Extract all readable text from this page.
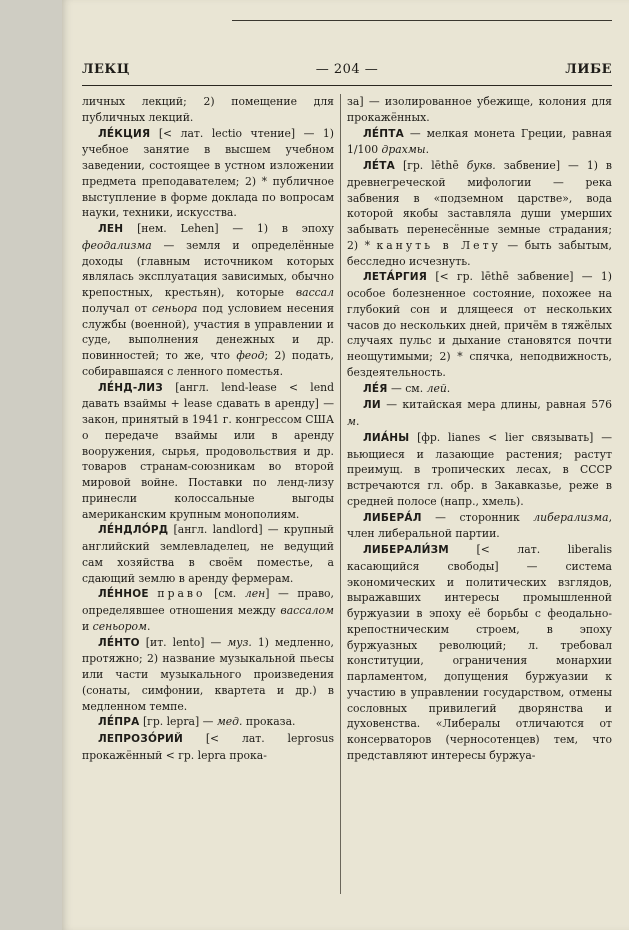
ЛЕКЦ	— 204 —	ЛИБЕ

личных лекций; 2) помещение для публичных лекций.

ЛЕ́КЦИЯ [< лат. lectio чтение] — 1) учебное занятие в высшем учебном заведении, состоящее в устном изложении предмета преподавателем; 2) * публичное выступление в форме доклада по вопросам науки, техники, искусства.

ЛЕН [нем. Lehen] — 1) в эпоху феодализма — земля и определённые доходы (главным источником которых являлась эксплуатация зависимых, обычно крепостных, крестьян), которые вассал получал от сеньора под условием несения службы (военной), участия в управлении и суде, выполнения денежных и др. повинностей; то же, что феод; 2) подать, собиравшаяся с ленного поместья.

ЛЕ́НД-ЛИЗ [англ. lend-lease < lend давать взаймы + lease сдавать в аренду] — закон, принятый в 1941 г. конгрессом США о передаче взаймы или в аренду вооружения, сырья, продовольствия и др. товаров странам-союзникам во второй мировой войне. Поставки по ленд-лизу принесли колоссальные выгоды американским крупным монополиям.

ЛЕ́НДЛО́РД [англ. landlord] — крупный английский землевладелец, не ведущий сам хозяйства в своём поместье, а сдающий землю в аренду фермерам.

ЛЕ́ННОЕ право [см. лен] — право, определявшее отношения между вассалом и сеньором.

ЛЕ́НТО [ит. lento] — муз. 1) медленно, протяжно; 2) название музыкальной пьесы или части музыкального произведения (сонаты, симфонии, квартета и др.) в медленном темпе.

ЛЕ́ПРА [гр. lepra] — мед. проказа.

ЛЕПРОЗО́РИЙ [< лат. leprosus прокажённый < гр. lepra прока-

за] — изолированное убежище, колония для прокажённых.

ЛЕ́ПТА — мелкая монета Греции, равная 1/100 драхмы.

ЛЕ́ТА [гр. lēthē букв. забвение] — 1) в древнегреческой мифологии — река забвения в «подземном царстве», вода которой якобы заставляла души умерших забывать перенесённые земные страдания; 2) * кануть в Лету — быть забытым, бесследно исчезнуть.

ЛЕТА́РГИЯ [< гр. lēthē забвение] — 1) особое болезненное состояние, похожее на глубокий сон и длящееся от нескольких часов до нескольких дней, причём в тяжёлых случаях пульс и дыхание становятся почти неощутимыми; 2) * спячка, неподвижность, бездеятельность.

ЛЕ́Я — см. лей.

ЛИ — китайская мера длины, равная 576 м.

ЛИА́НЫ [фр. lianes < lier связывать] — вьющиеся и лазающие растения; растут преимущ. в тропических лесах, в СССР встречаются гл. обр. в Закавказье, реже в средней полосе (напр., хмель).

ЛИБЕРА́Л — сторонник либерализма, член либеральной партии.

ЛИБЕРАЛИ́ЗМ [< лат. liberalis касающийся свободы] — система экономических и политических взглядов, выражавших интересы промышленной буржуазии в эпоху её борьбы с феодально-крепостническим строем, в эпоху буржуазных революций; л. требовал конституции, ограничения монархии парламентом, допущения буржуазии к участию в управлении государством, отмены сословных привилегий дворянства и духовенства. «Либералы отличаются от консерваторов (черносотенцев) тем, что представляют интересы буржуа-
